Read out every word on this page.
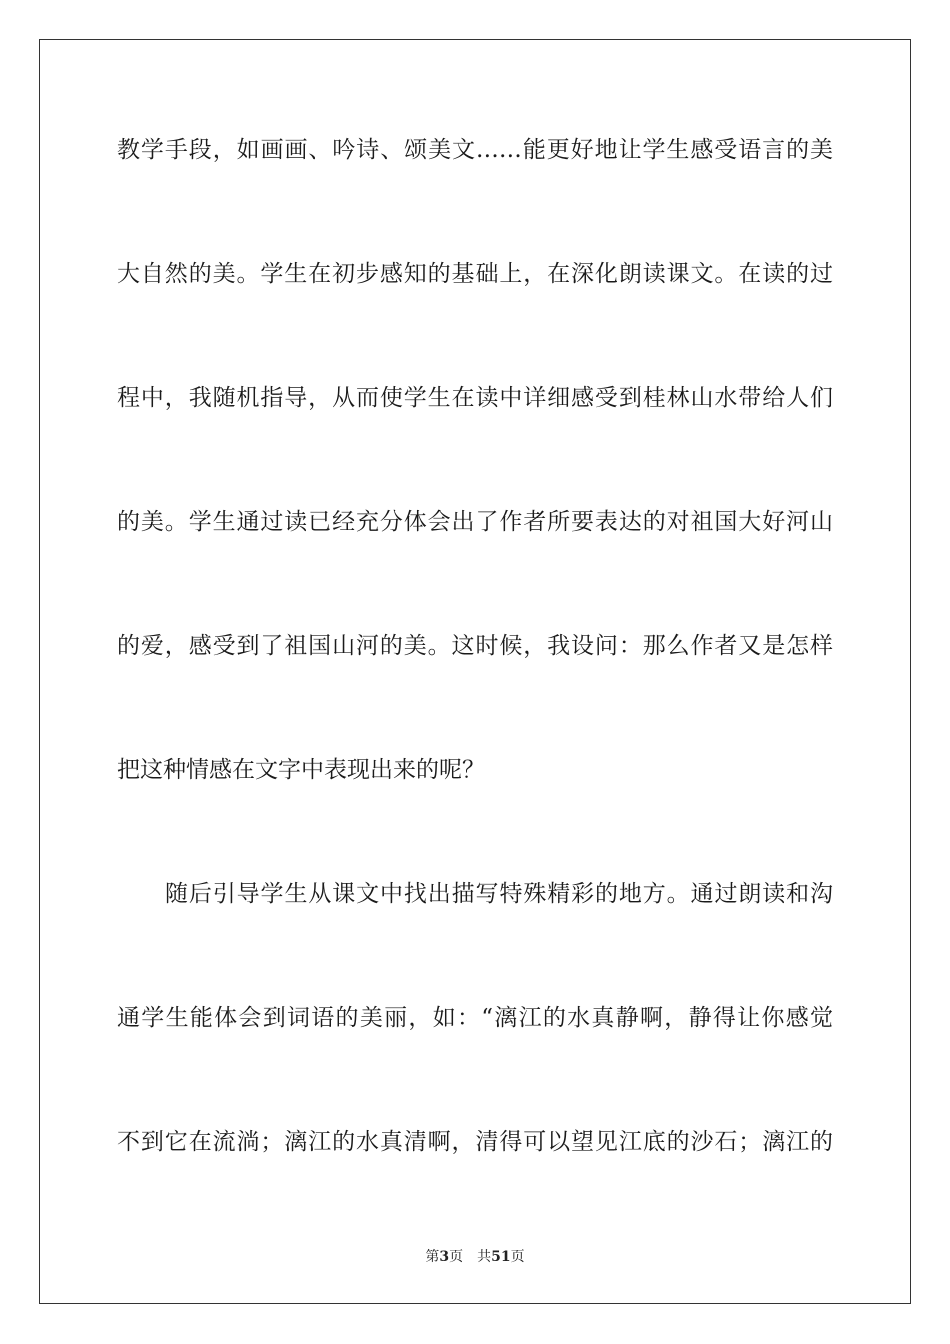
教学手段，如画画、吟诗、颂美文……能更好地让学生感受语言的美
大自然的美。学生在初步感知的基础上，在深化朗读课文。在读的过
程中，我随机指导，从而使学生在读中详细感受到桂林山水带给人们
的美。学生通过读已经充分体会出了作者所要表达的对祖国大好河山
的爱，感受到了祖国山河的美。这时候，我设问：那么作者又是怎样
把这种情感在文字中表现出来的呢？
随后引导学生从课文中找出描写特殊精彩的地方。通过朗读和沟
通学生能体会到词语的美丽，如：“漓江的水真静啊，静得让你感觉
不到它在流淌；漓江的水真清啊，清得可以望见江底的沙石；漓江的
第3页 共51页
